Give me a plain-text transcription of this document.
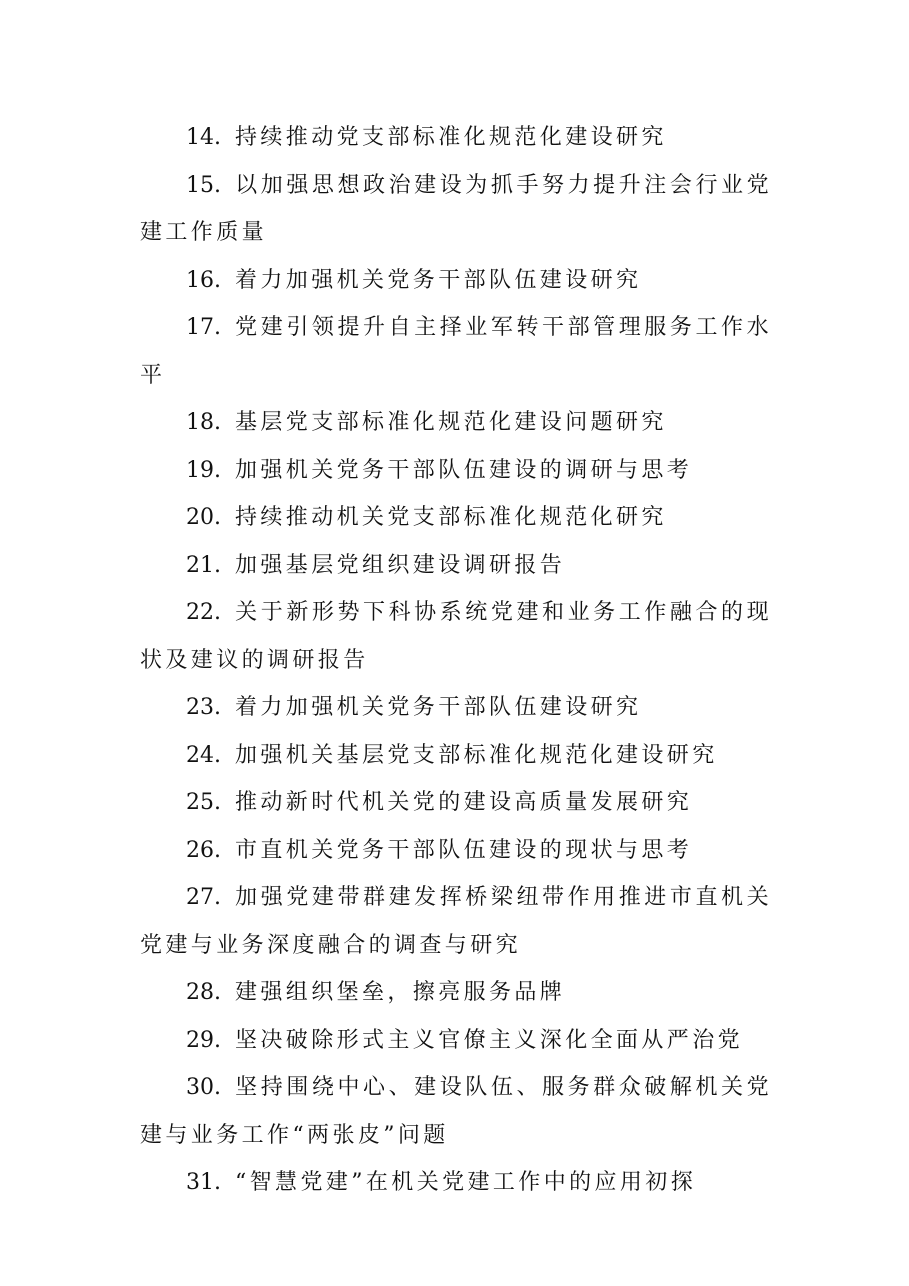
14. 持续推动党支部标准化规范化建设研究
15. 以加强思想政治建设为抓手努力提升注会行业党建工作质量
16. 着力加强机关党务干部队伍建设研究
17. 党建引领提升自主择业军转干部管理服务工作水平
18. 基层党支部标准化规范化建设问题研究
19. 加强机关党务干部队伍建设的调研与思考
20. 持续推动机关党支部标准化规范化研究
21. 加强基层党组织建设调研报告
22. 关于新形势下科协系统党建和业务工作融合的现状及建议的调研报告
23. 着力加强机关党务干部队伍建设研究
24. 加强机关基层党支部标准化规范化建设研究
25. 推动新时代机关党的建设高质量发展研究
26. 市直机关党务干部队伍建设的现状与思考
27. 加强党建带群建发挥桥梁纽带作用推进市直机关党建与业务深度融合的调查与研究
28. 建强组织堡垒，擦亮服务品牌
29. 坚决破除形式主义官僚主义深化全面从严治党
30. 坚持围绕中心、建设队伍、服务群众破解机关党建与业务工作“两张皮”问题
31. “智慧党建”在机关党建工作中的应用初探
